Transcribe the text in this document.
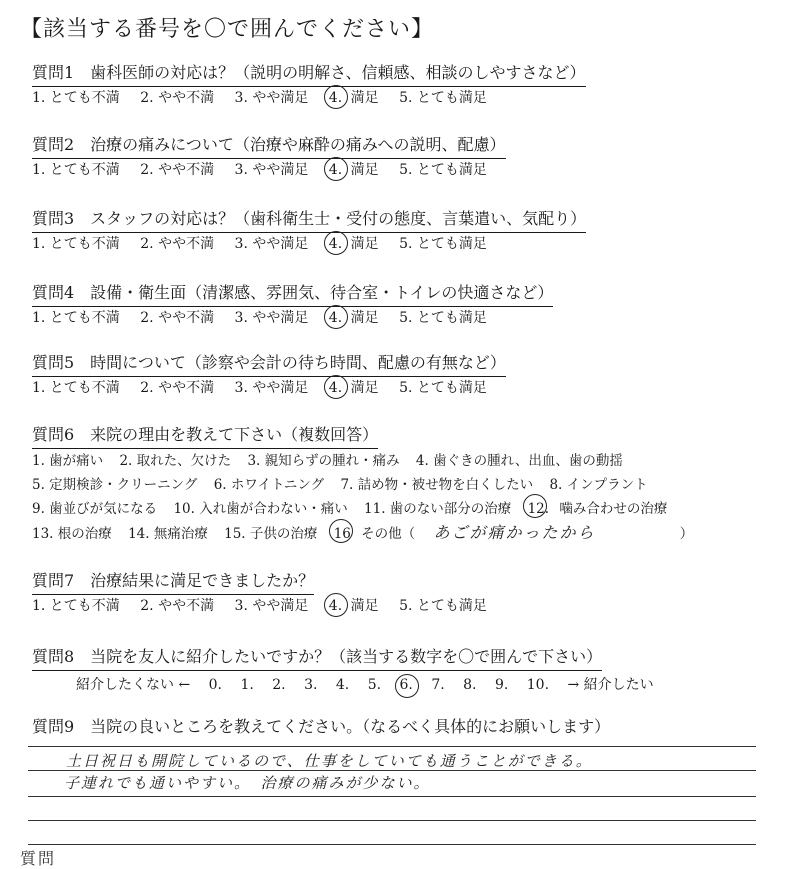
【該当する番号を〇で囲んでください】
質問1　歯科医師の対応は？（説明の明解さ、信頼感、相談のしやすさなど）
1. とても不満 2. やや不満 3. やや満足 4. 満足 5. とても満足
質問2　治療の痛みについて（治療や麻酔の痛みへの説明、配慮）
1. とても不満 2. やや不満 3. やや満足 4. 満足 5. とても満足
質問3　スタッフの対応は？（歯科衛生士・受付の態度、言葉遣い、気配り）
1. とても不満 2. やや不満 3. やや満足 4. 満足 5. とても満足
質問4　設備・衛生面（清潔感、雰囲気、待合室・トイレの快適さなど）
1. とても不満 2. やや不満 3. やや満足 4. 満足 5. とても満足
質問5　時間について（診察や会計の待ち時間、配慮の有無など）
1. とても不満 2. やや不満 3. やや満足 4. 満足 5. とても満足
質問6　来院の理由を教えて下さい（複数回答）
1. 歯が痛い 2. 取れた、欠けた 3. 親知らずの腫れ・痛み 4. 歯ぐきの腫れ、出血、歯の動揺
5. 定期検診・クリーニング 6. ホワイトニング 7. 詰め物・被せ物を白くしたい 8. インプラント
9. 歯並びが気になる 10. 入れ歯が合わない・痛い 11. 歯のない部分の治療 12. 噛み合わせの治療
13. 根の治療 14. 無痛治療 15. 子供の治療 16 その他（ あごが痛かったから	）
質問7　治療結果に満足できましたか？
1. とても不満 2. やや不満 3. やや満足 4. 満足 5. とても満足
質問8　当院を友人に紹介したいですか？（該当する数字を〇で囲んで下さい）
紹介したくない ← 0. 1. 2. 3. 4. 5. 6. 7. 8. 9. 10. → 紹介したい
質問9　当院の良いところを教えてください。（なるべく具体的にお願いします）
土日祝日も開院しているので、仕事をしていても通うことができる。
子連れでも通いやすい。　治療の痛みが少ない。
質問
